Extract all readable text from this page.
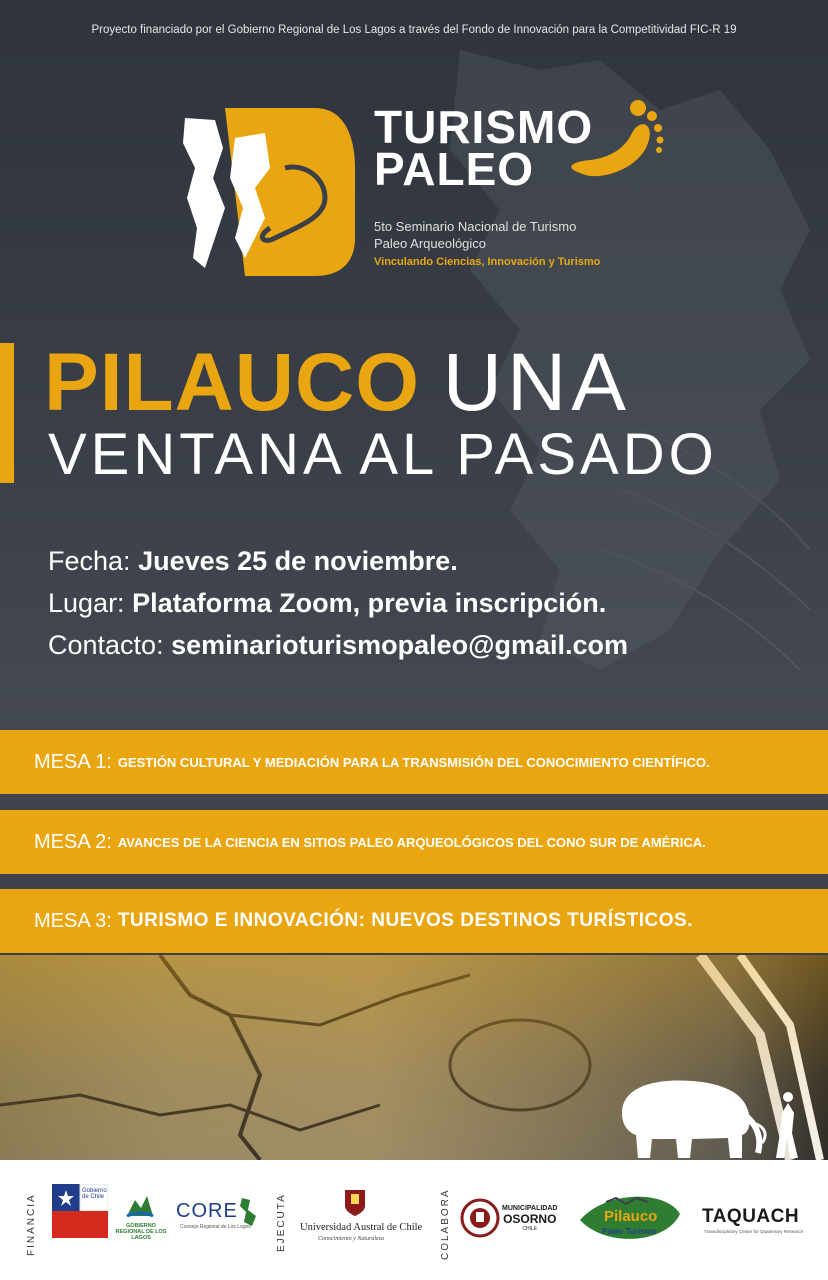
Proyecto financiado por el Gobierno Regional de Los Lagos a través del Fondo de Innovación para la Competitividad FIC-R 19
TURISMO
PALEO
5to Seminario Nacional de Turismo
Paleo Arqueológico
Vinculando Ciencias, Innovación y Turismo
PILAUCO UNA
VENTANA AL PASADO
Fecha: Jueves 25 de noviembre.
Lugar: Plataforma Zoom, previa inscripción.
Contacto: seminarioturismopaleo@gmail.com
MESA 1: GESTIÓN CULTURAL Y MEDIACIÓN PARA LA TRANSMISIÓN DEL CONOCIMIENTO CIENTÍFICO.
MESA 2: AVANCES DE LA CIENCIA EN SITIOS PALEO ARQUEOLÓGICOS DEL CONO SUR DE AMÉRICA.
MESA 3: TURISMO E INNOVACIÓN: NUEVOS DESTINOS TURÍSTICOS.
FINANCIA
Gobierno de Chile
GOBIERNO REGIONAL DE LOS LAGOS
CORE
Consejo Regional de Los Lagos	EJECUTA Universidad Austral de Chile
Conocimiento y Naturaleza	COLABORA	MUNICIPALIDAD
OSORNO
CHILE
Pilauco
Paleo Turismo
TAQUACH
Transdisciplinary Center for Quaternary Research
